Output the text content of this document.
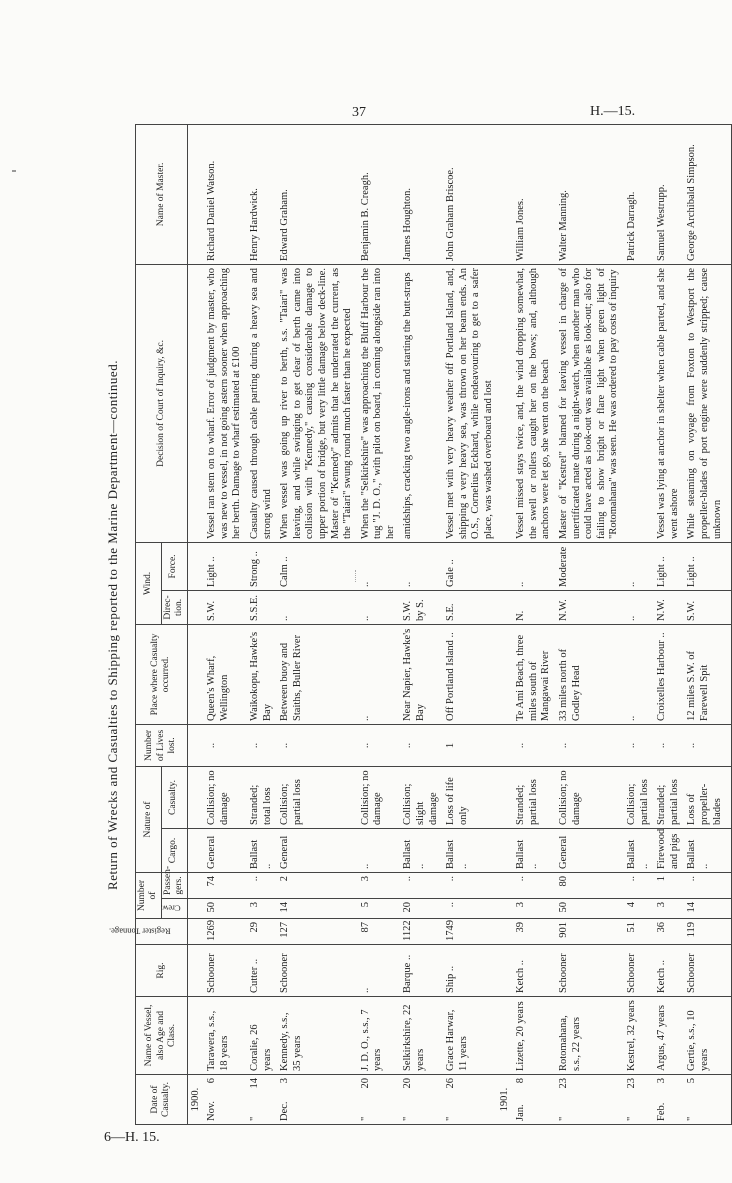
37	H.—15.
6—H. 15.
Return of Wrecks and Casualties to Shipping reported to the Marine Department—continued.
Date of Casualty.	Name of Vessel, also Age and Class.	Rig.	Register Tonnage.	Number of		Nature of		Number of Lives lost.	Place where Casualty occurred.	Wind.		Decision of Court of Inquiry, &c.	Name of Master.

				Crew.	Passen- gers.	Cargo.	Casualty.			Direc- tion.	Force.		
1900.													
Nov.
6	Tarawera, s.s., 18 years	Schooner	1269	50	74	General	Collision; no damage	..	Queen's Wharf, Wellington	S.W.	Light ..	Vessel ran stem on to wharf. Error of judgment by master, who was new to vessel, in not going astern sooner when approaching her berth. Damage to wharf estimated at £100	Richard Daniel Watson.
"
14	Coralie, 26 years	Cutter ..	29	3	..	Ballast ..	Stranded; total loss	..	Waikokopu, Hawke's Bay	S.S.E.	Strong ..	Casualty caused through cable parting during a heavy sea and strong wind	Henry Hardwick.
Dec.
3	Kennedy, s.s., 35 years	Schooner	127	14	2	General	Collision; partial loss	..	Between buoy and Staiths, Buller River	..	Calm ..	When vessel was going up river to berth, s.s. "Taiari" was leaving, and while swinging to get clear of berth came into collision with "Kennedy," causing considerable damage to upper portion of bridge, but very little damage below deck-line. Master of "Kennedy" admits that he underrated the current, as the "Taiari" swung round much faster than he expected	Edward Graham.
"
20	J. D. O., s.s., 7 years	..	87	5	3	..	Collision; no damage	..	..	..	..	When the "Selkirkshire" was approaching the Bluff Harbour the tug "J. D. O.," with pilot on board, in coming alongside ran into her	Benjamin B. Creagh.
"
20	Selkirkshire, 22 years	Barque ..	1122	20	..	Ballast ..	Collision; slight damage	..	Near Napier, Hawke's Bay	S.W. by S.	..	amidships, cracking two angle-irons and starting the butt-straps	James Houghton.
"
26	Grace Harwar, 11 years	Ship ..	1749	..	..	Ballast ..	Loss of life only	1	Off Portland Island ..	S.E.	Gale ..	Vessel met with very heavy weather off Portland Island, and, shipping a very heavy sea, was thrown on her beam ends. An O.S., Cornelius Eckhard, while endeavouring to get to a safer place, was washed overboard and lost	John Graham Briscoe.
1901.													
Jan.
8	Lizette, 20 years	Ketch ..	39	3	..	Ballast ..	Stranded; partial loss	..	Te Ami Beach, three miles south of Mangawai River	N.	..	Vessel missed stays twice, and, the wind dropping somewhat, the swell or rollers caught her on the bows; and, although anchors were let go, she went on the beach	William Jones.
"
23	Rotomahana, s.s., 22 years	Schooner	901	50	80	General	Collision; no damage	..	33 miles north of Godley Head	N.W.	Moderate	Master of "Kestrel" blamed for leaving vessel in charge of unertificated mate during a night-watch, when another man who could have acted as look-out was available as look-out; also for failing to show bright or flare light when green light of "Rotomahana" was seen. He was ordered to pay costs of inquiry	Walter Manning.
"
23	Kestrel, 32 years	Schooner	51	4	..	Ballast ..	Collision; partial loss	..	..	..	..		Patrick Darragh.
Feb.
3	Argus, 47 years	Ketch ..	36	3	1	Firewood and pigs	Stranded; partial loss	..	Croixelles Harbour ..	N.W.	Light ..	Vessel was lying at anchor in shelter when cable parted, and she went ashore	Samuel Westrupp.
"
5	Gertie, s.s., 10 years	Schooner	119	14	..	Ballast ..	Loss of propeller-blades	..	12 miles S.W. of Farewell Spit	S.W.	Light ..	While steaming on voyage from Foxton to Westport the propeller-blades of port engine were suddenly stripped; cause unknown	George Archibald Simpson.
